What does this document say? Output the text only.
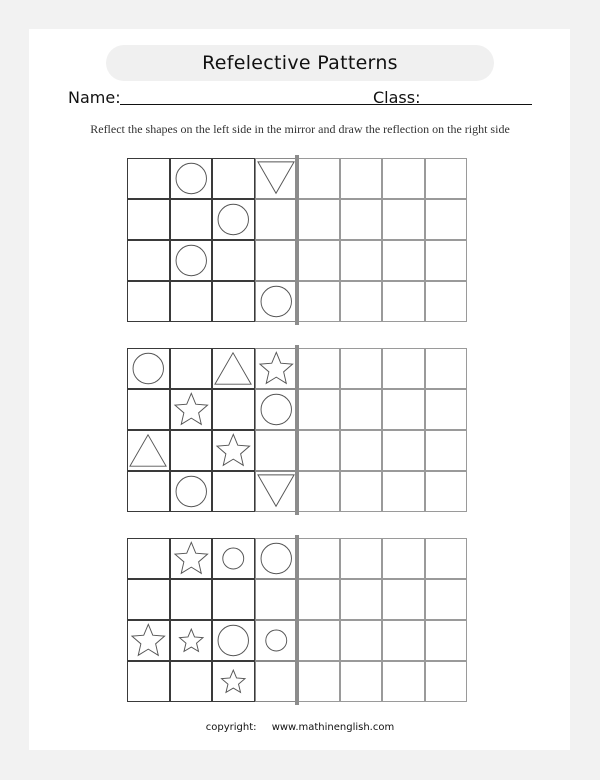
Refelective Patterns
Name:	Class:
Reflect the shapes on the left side in the mirror and draw the reflection on the right side
copyright: www.mathinenglish.com
